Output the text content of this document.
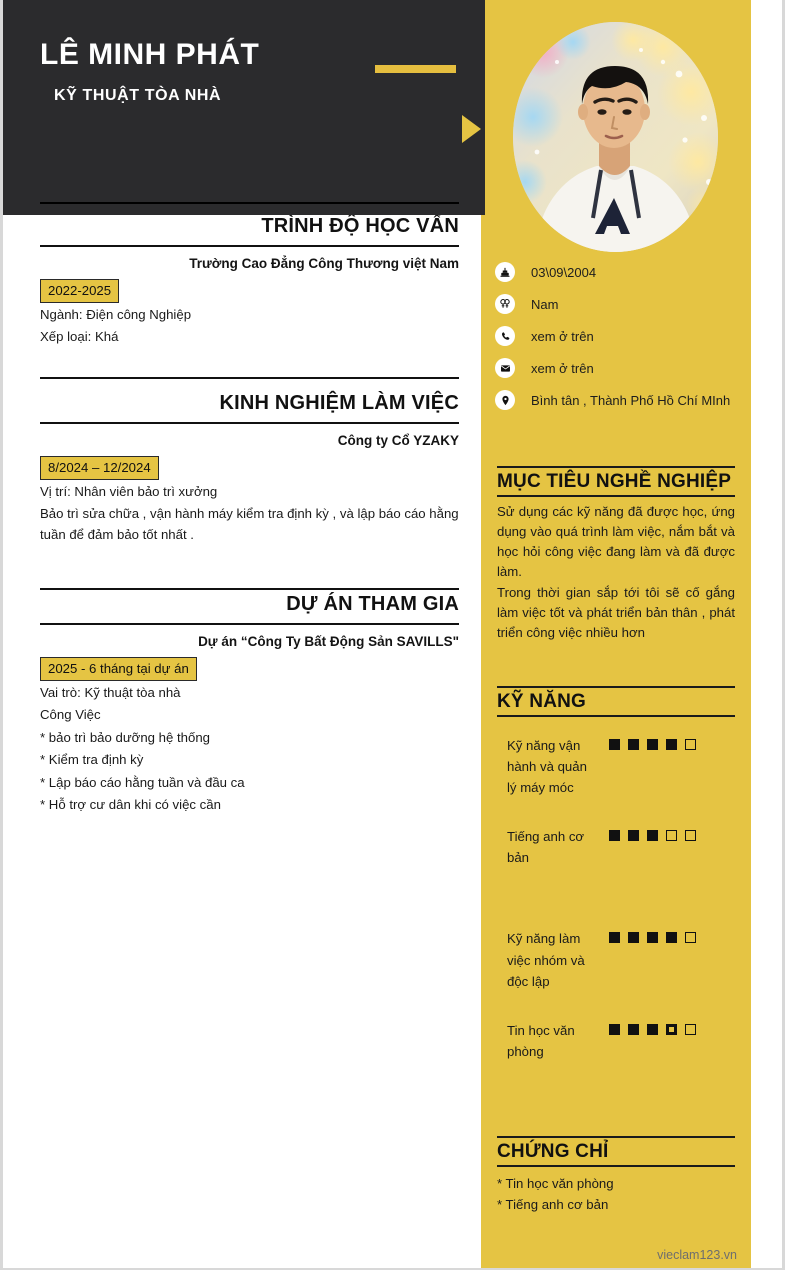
LÊ MINH PHÁT
KỸ THUẬT TÒA NHÀ
03\09\2004
Nam
xem ở trên
xem ở trên
Bình tân , Thành Phố Hồ Chí MInh
MỤC TIÊU NGHỀ NGHIỆP

Sử dụng các kỹ năng đã được học, ứng dụng vào quá trình làm việc, nắm bắt và học hỏi công việc đang làm và đã được làm.

Trong thời gian sắp tới tôi sẽ cố gắng làm việc tốt và phát triển bản thân , phát triển công việc nhiều hơn

KỸ NĂNG
Kỹ năng vận hành và quản lý máy móc
Tiếng anh cơ bản
Kỹ năng làm việc nhóm và độc lập
Tin học văn phòng
CHỨNG CHỈ
* Tin học văn phòng
* Tiếng anh cơ bản
vieclam123.vn
TRÌNH ĐỘ HỌC VẤN
Trường Cao Đẳng Công Thương việt Nam
2022-2025
Ngành: Điện công Nghiệp
Xếp loại: Khá
KINH NGHIỆM LÀM VIỆC
Công ty Cổ YZAKY
8/2024 – 12/2024
Vị trí: Nhân viên bảo trì xưởng
Bảo trì sửa chữa , vận hành máy kiểm tra định kỳ , và lập báo cáo hằng tuần để đảm bảo tốt nhất .
DỰ ÁN THAM GIA
Dự án “Công Ty Bất Động Sản SAVILLS"
2025 - 6 tháng tại dự án
Vai trò: Kỹ thuật tòa nhà
Công Việc
* bảo trì bảo dưỡng hệ thống
* Kiểm tra định kỳ
* Lập báo cáo hằng tuần và đầu ca
* Hỗ trợ cư dân khi có việc cần
